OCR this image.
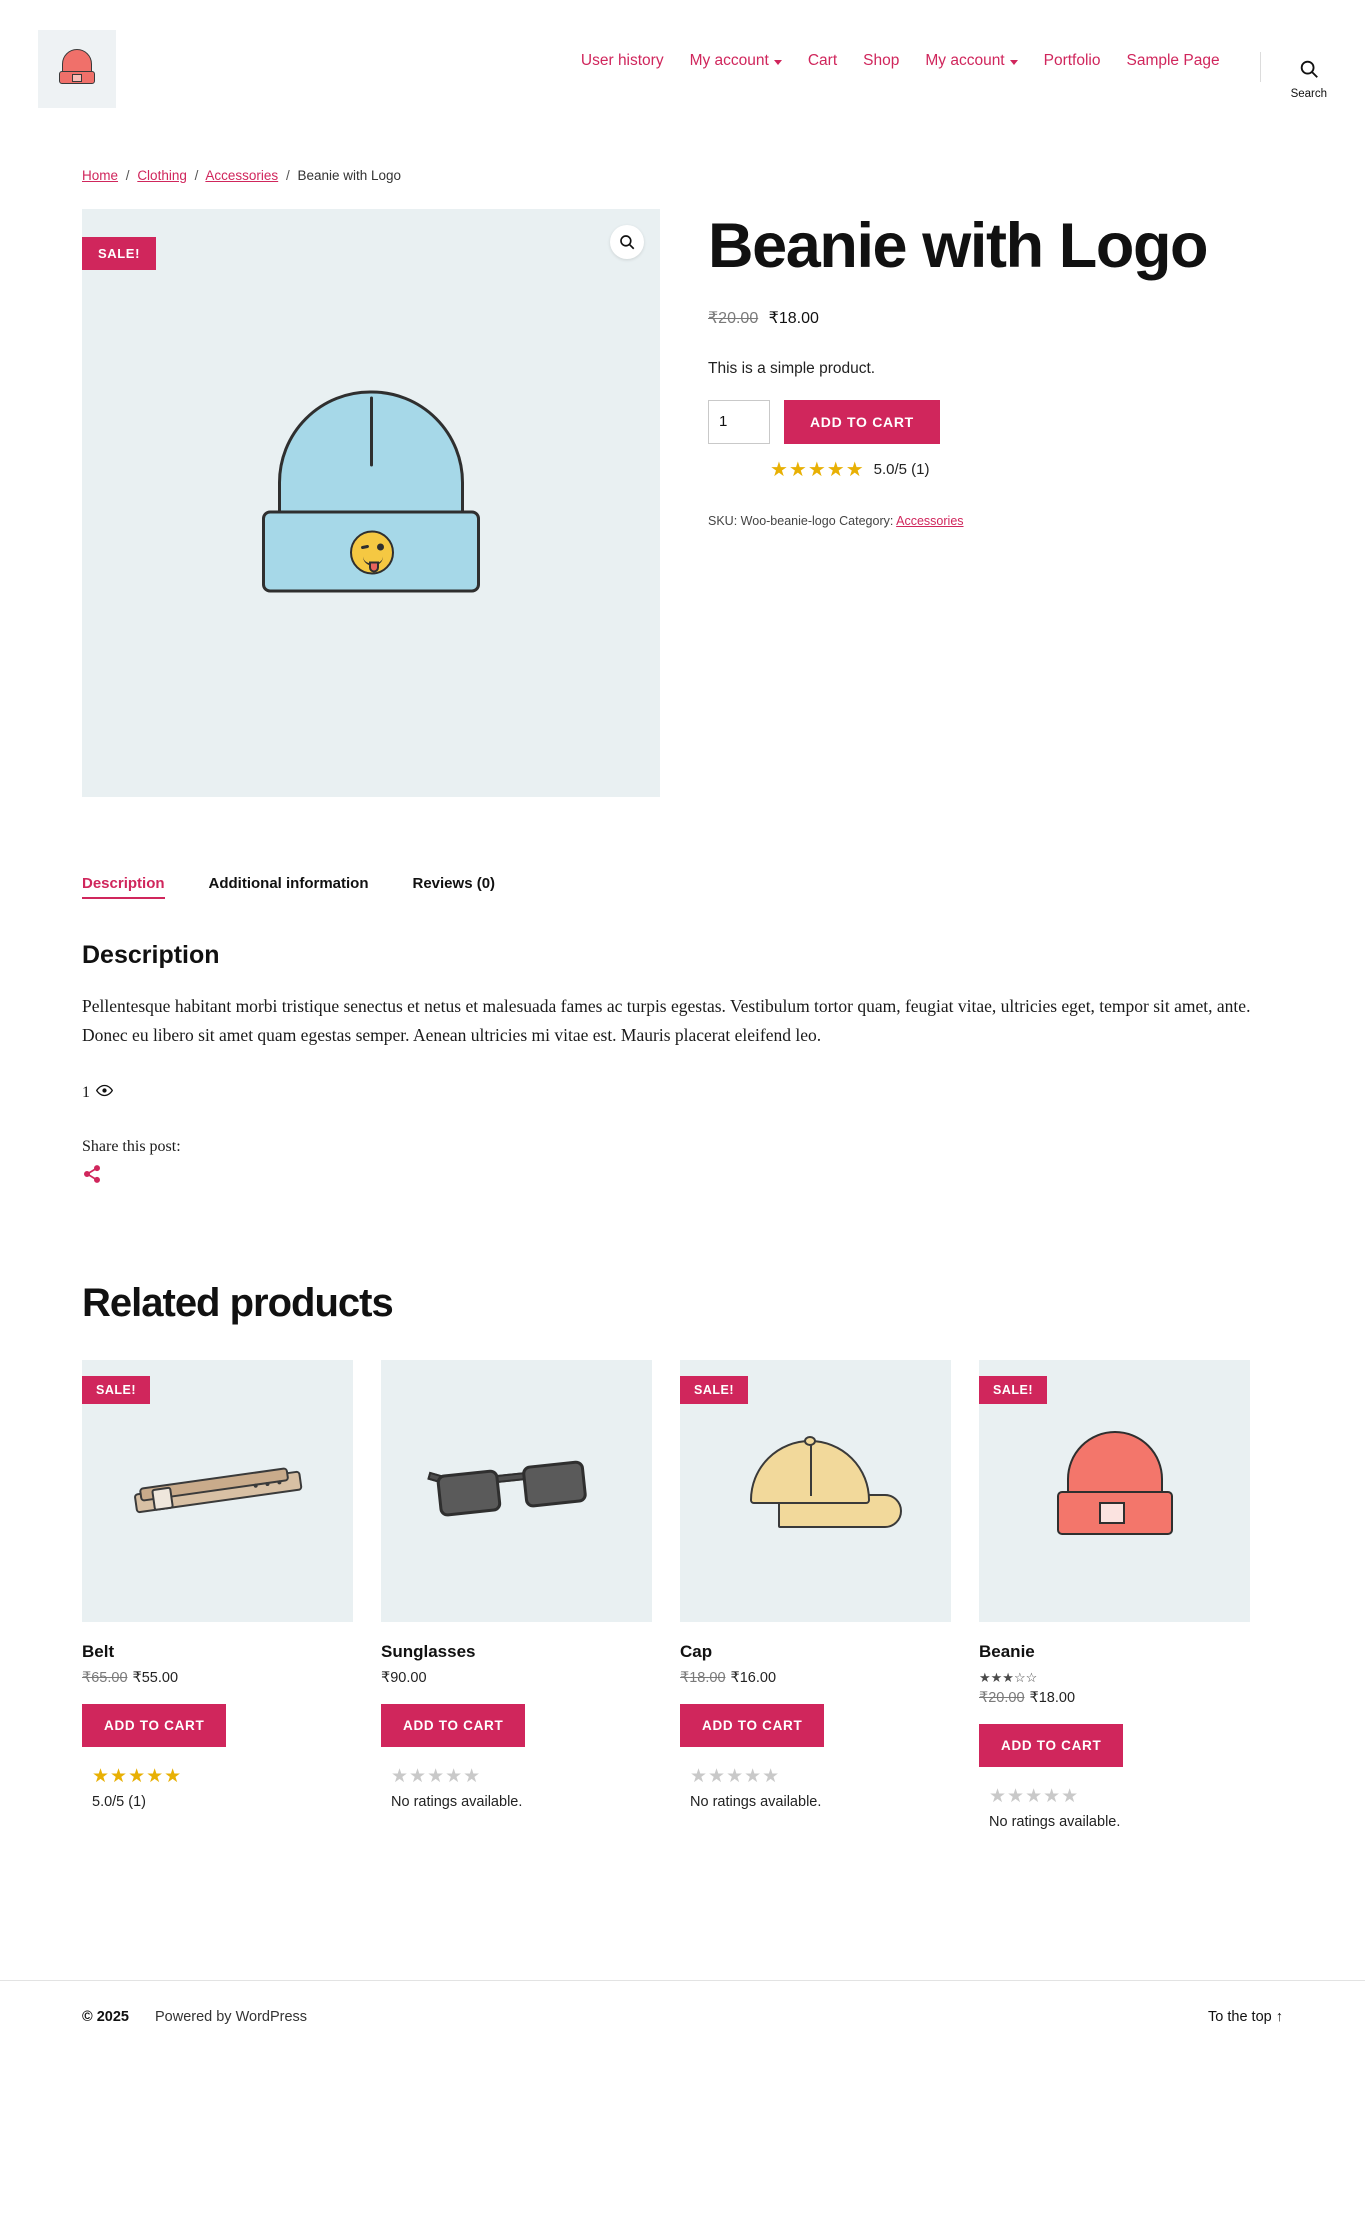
User history My account	Cart Shop My account	Portfolio Sample Page
Search
Home / Clothing / Accessories / Beanie with Logo
SALE!	Beanie with Logo
₹20.00 ₹18.00
This is a simple product.
1
ADD TO CART
★★★★★ 5.0/5 (1)
SKU: Woo-beanie-logo Category: Accessories
Description	Additional information	Reviews (0)
Description

Pellentesque habitant morbi tristique senectus et netus et malesuada fames ac turpis egestas. Vestibulum tortor quam, feugiat vitae, ultricies eget, tempor sit amet, ante. Donec eu libero sit amet quam egestas semper. Aenean ultricies mi vitae est. Mauris placerat eleifend leo.

1
Share this post:
Related products
SALE!
Belt
₹65.00 ₹55.00
ADD TO CART
★★★★★
5.0/5 (1)
Sunglasses
₹90.00
ADD TO CART
★★★★★
No ratings available.
SALE!
Cap
₹18.00 ₹16.00
ADD TO CART
★★★★★
No ratings available.
SALE!
Beanie
★★★☆☆
₹20.00 ₹18.00
ADD TO CART
★★★★★
No ratings available.
© 2025 Powered by WordPress	To the top ↑
